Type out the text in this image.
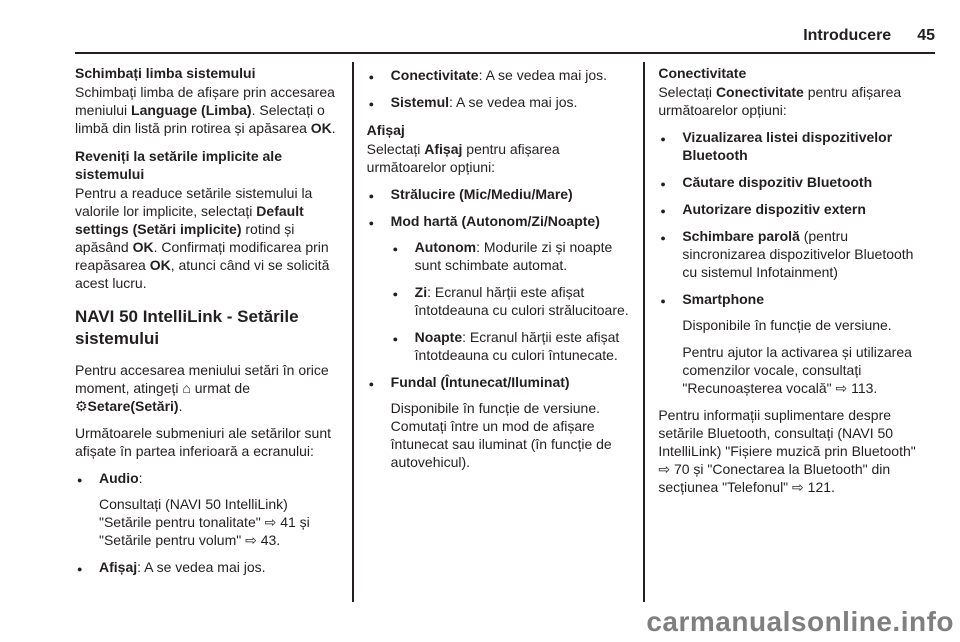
Introducere 45
Schimbați limba sistemului

Schimbați limba de afișare prin accesarea meniului Language (Limba). Selectați o limbă din listă prin rotirea și apăsarea OK.

Reveniți la setările implicite ale sistemului

Pentru a readuce setările sistemului la valorile lor implicite, selectați Default settings (Setări implicite) rotind și apăsând OK. Confirmați modificarea prin reapăsarea OK, atunci când vi se solicită acest lucru.

NAVI 50 IntelliLink - Setările sistemului

Pentru accesarea meniului setări în orice moment, atingeți ⌂ urmat de ⚙Setare(Setări).

Următoarele submeniuri ale setărilor sunt afișate în partea inferioară a ecranului:

● Audio:

Consultați (NAVI 50 IntelliLink) "Setările pentru tonalitate" ⇨ 41 și "Setările pentru volum" ⇨ 43.

● Afișaj: A se vedea mai jos.
● Conectivitate: A se vedea mai jos.
● Sistemul: A se vedea mai jos.
Afișaj

Selectați Afișaj pentru afișarea următoarelor opțiuni:

● Strălucire (Mic/Mediu/Mare)
● Mod hartă (Autonom/Zi/Noapte)
● Autonom: Modurile zi și noapte sunt schimbate automat.
● Zi: Ecranul hărții este afișat întotdeauna cu culori strălucitoare.
● Noapte: Ecranul hărții este afișat întotdeauna cu culori întunecate.
● Fundal (Întunecat/Iluminat)

Disponibile în funcție de versiune. Comutați între un mod de afișare întunecat sau iluminat (în funcție de autovehicul).

Conectivitate

Selectați Conectivitate pentru afișarea următoarelor opțiuni:

● Vizualizarea listei dispozitivelor Bluetooth
● Căutare dispozitiv Bluetooth
● Autorizare dispozitiv extern
● Schimbare parolă (pentru sincronizarea dispozitivelor Bluetooth cu sistemul Infotainment)
● Smartphone

Disponibile în funcție de versiune.

Pentru ajutor la activarea și utilizarea comenzilor vocale, consultați "Recunoașterea vocală" ⇨ 113.

Pentru informații suplimentare despre setările Bluetooth, consultați (NAVI 50 IntelliLink) "Fișiere muzică prin Bluetooth" ⇨ 70 și "Conectarea la Bluetooth" din secțiunea "Telefonul" ⇨ 121.

carmanualsonline.info
